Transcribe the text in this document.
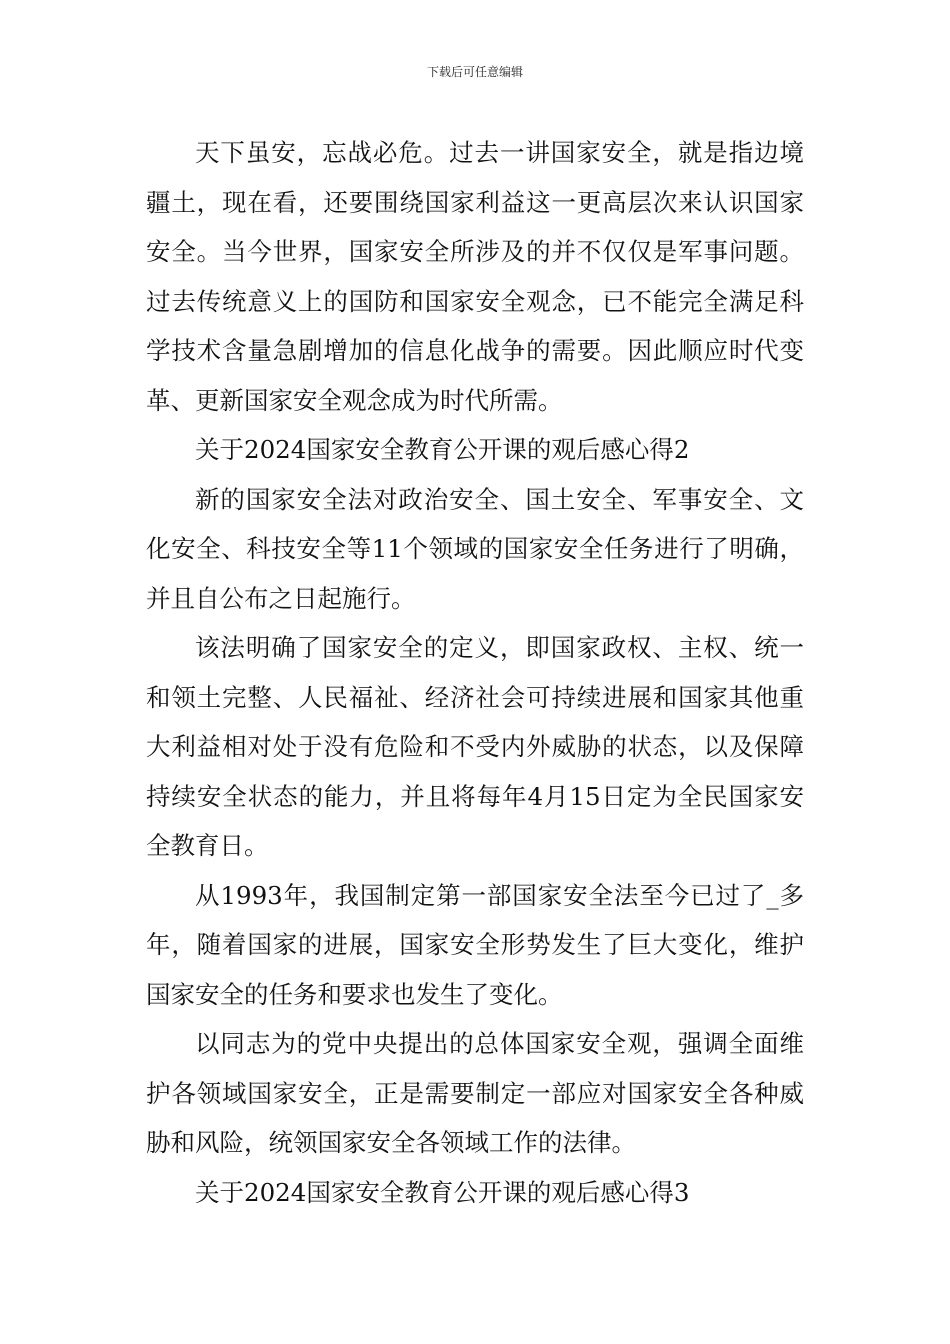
下载后可任意编辑

天下虽安，忘战必危。过去一讲国家安全，就是指边境疆土，现在看，还要围绕国家利益这一更高层次来认识国家安全。当今世界，国家安全所涉及的并不仅仅是军事问题。过去传统意义上的国防和国家安全观念，已不能完全满足科学技术含量急剧增加的信息化战争的需要。因此顺应时代变革、更新国家安全观念成为时代所需。

关于2024国家安全教育公开课的观后感心得2

新的国家安全法对政治安全、国土安全、军事安全、文化安全、科技安全等11个领域的国家安全任务进行了明确，并且自公布之日起施行。

该法明确了国家安全的定义，即国家政权、主权、统一和领土完整、人民福祉、经济社会可持续进展和国家其他重大利益相对处于没有危险和不受内外威胁的状态，以及保障持续安全状态的能力，并且将每年4月15日定为全民国家安全教育日。

从1993年，我国制定第一部国家安全法至今已过了_多年，随着国家的进展，国家安全形势发生了巨大变化，维护国家安全的任务和要求也发生了变化。

以同志为的党中央提出的总体国家安全观，强调全面维护各领域国家安全，正是需要制定一部应对国家安全各种威胁和风险，统领国家安全各领域工作的法律。

关于2024国家安全教育公开课的观后感心得3
